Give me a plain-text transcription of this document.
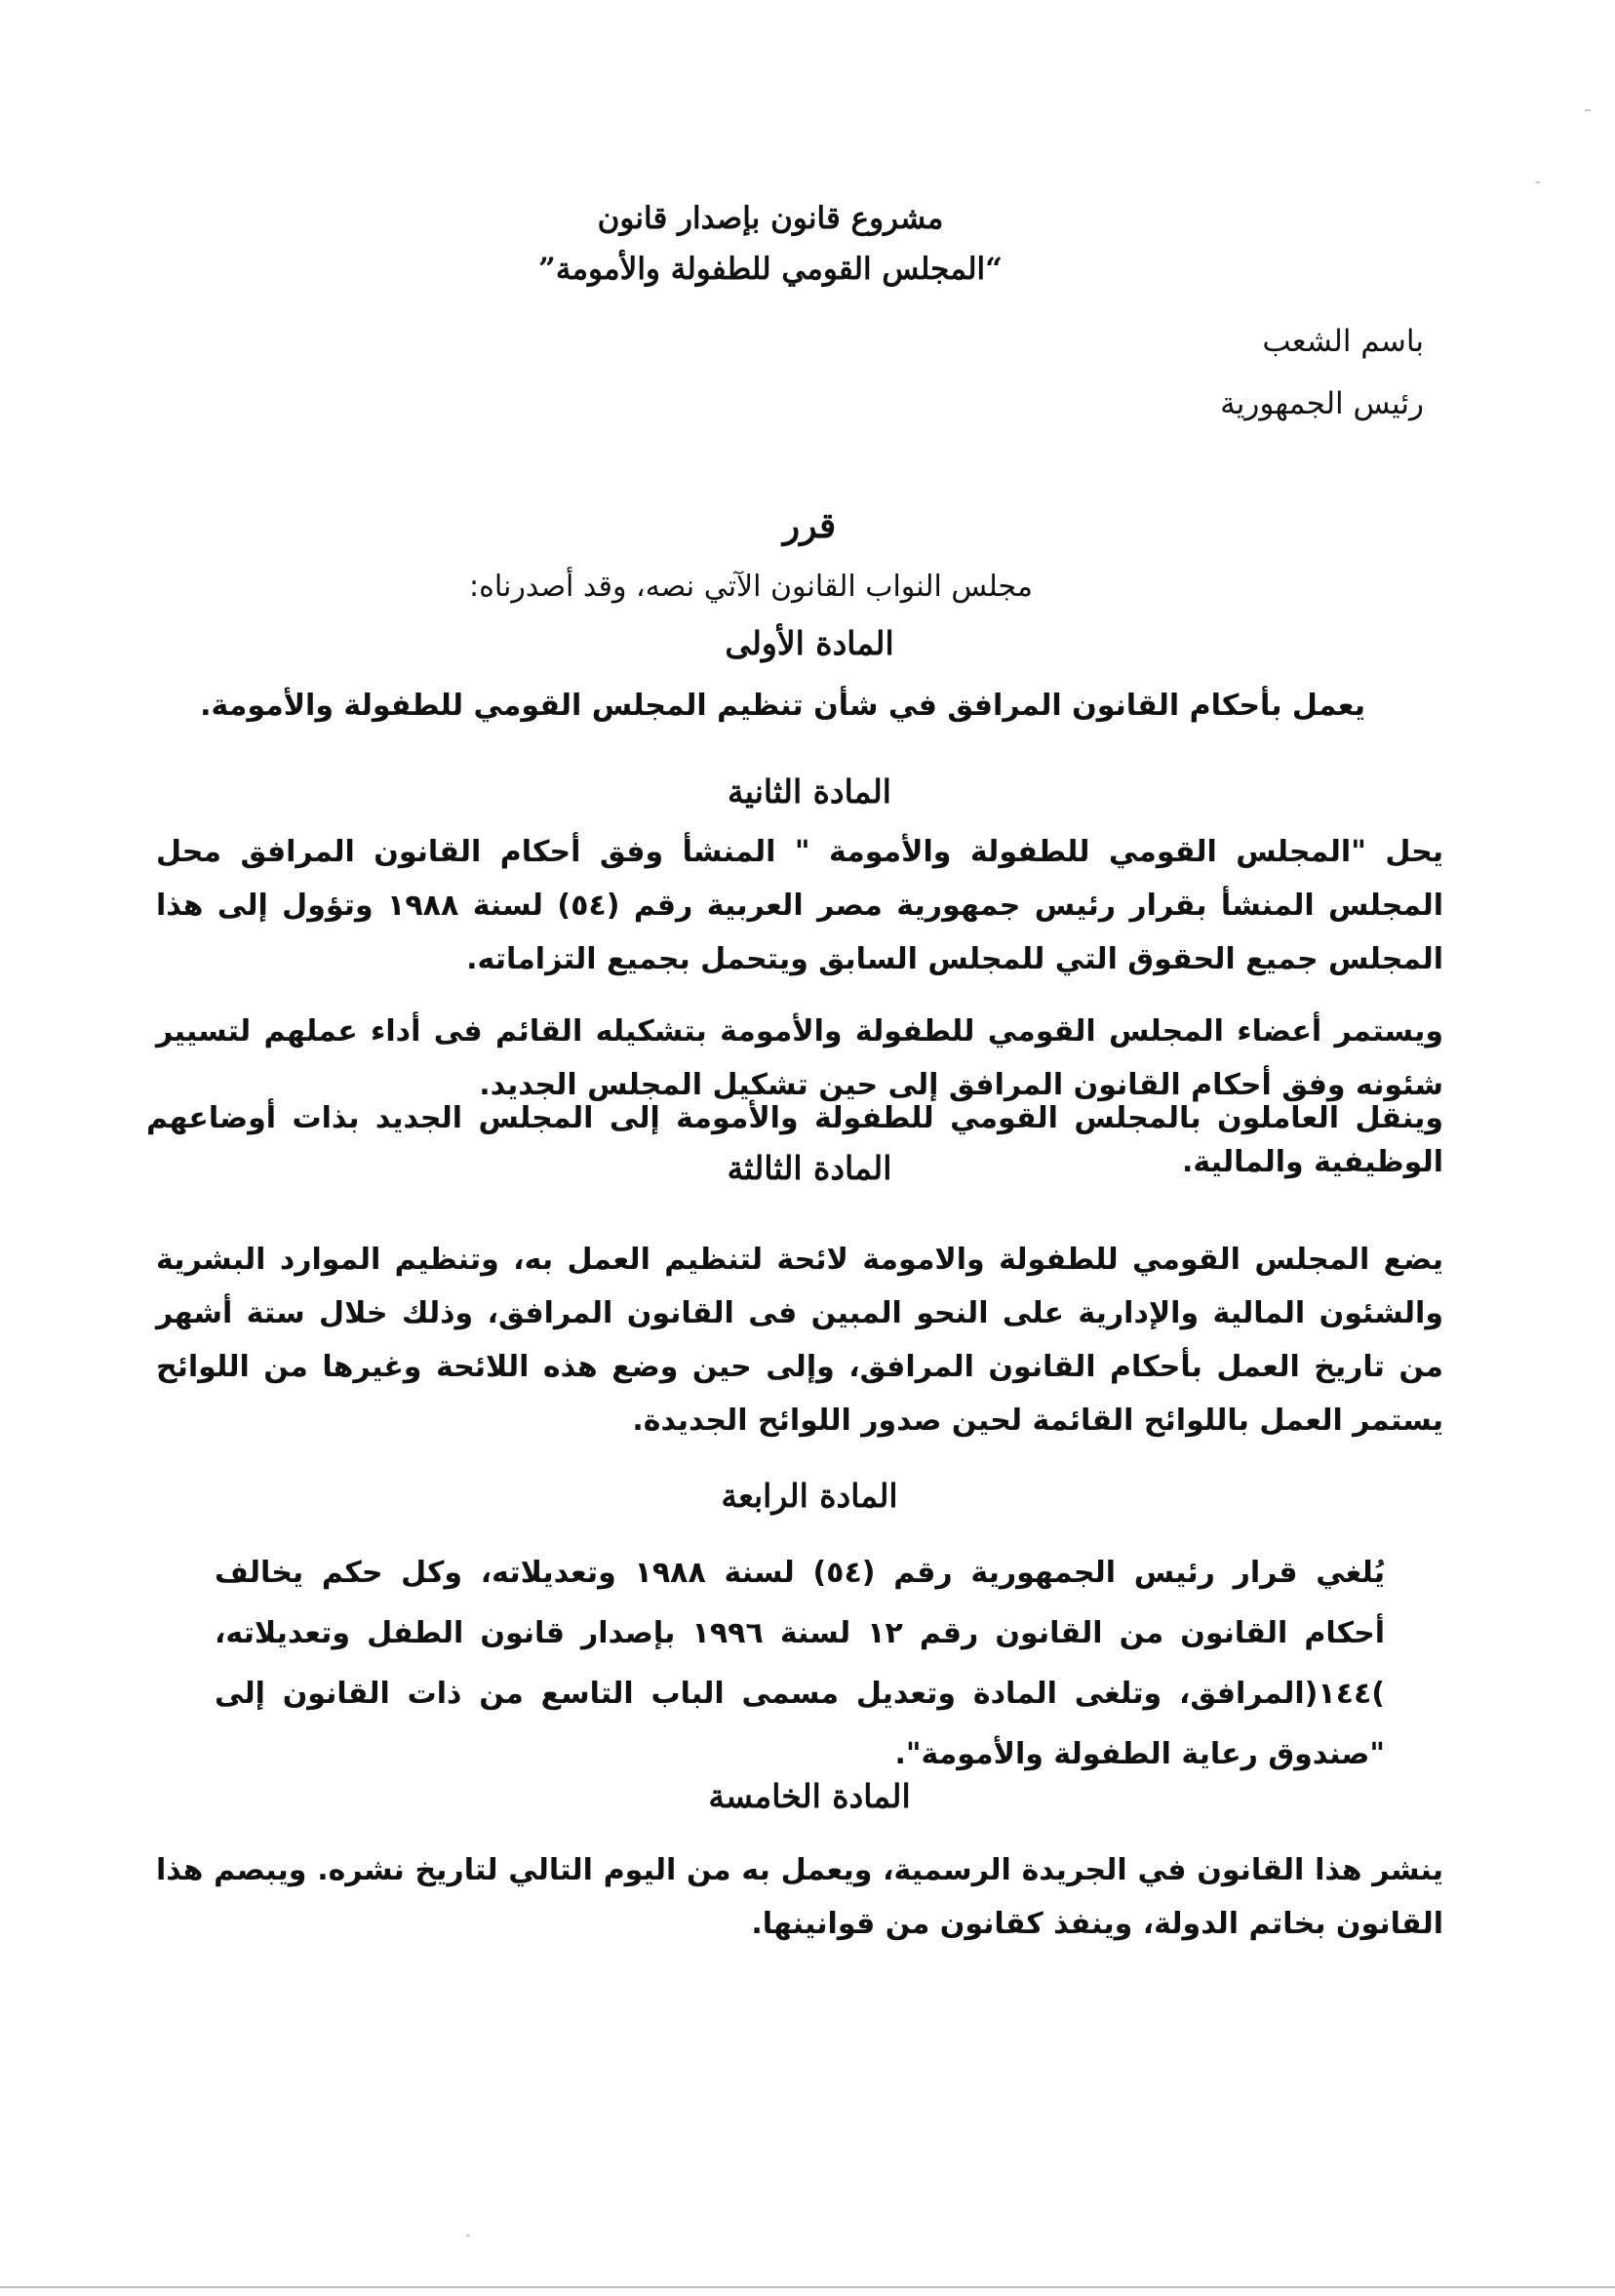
مشروع قانون بإصدار قانون
“المجلس القومي للطفولة والأمومة”
باسم الشعب
رئيس الجمهورية
قرر
مجلس النواب القانون الآتي نصه، وقد أصدرناه:
المادة الأولى
يعمل بأحكام القانون المرافق في شأن تنظيم المجلس القومي للطفولة والأمومة.
المادة الثانية
يحل "المجلس القومي للطفولة والأمومة " المنشأ وفق أحكام القانون المرافق محل المجلس المنشأ بقرار رئيس جمهورية مصر العربية رقم (٥٤) لسنة ١٩٨٨ وتؤول إلى هذا المجلس جميع الحقوق التي للمجلس السابق ويتحمل بجميع التزاماته.
ويستمر أعضاء المجلس القومي للطفولة والأمومة بتشكيله القائم فى أداء عملهم لتسيير شئونه وفق أحكام القانون المرافق إلى حين تشكيل المجلس الجديد.
وينقل العاملون بالمجلس القومي للطفولة والأمومة إلى المجلس الجديد بذات أوضاعهم الوظيفية والمالية.
المادة الثالثة
يضع المجلس القومي للطفولة والامومة لائحة لتنظيم العمل به، وتنظيم الموارد البشرية والشئون المالية والإدارية على النحو المبين فى القانون المرافق، وذلك خلال ستة أشهر من تاريخ العمل بأحكام القانون المرافق، وإلى حين وضع هذه اللائحة وغيرها من اللوائح يستمر العمل باللوائح القائمة لحين صدور اللوائح الجديدة.
المادة الرابعة
يُلغي قرار رئيس الجمهورية رقم (٥٤) لسنة ١٩٨٨ وتعديلاته، وكل حكم يخالف أحكام القانون من القانون رقم ١٢ لسنة ١٩٩٦ بإصدار قانون الطفل وتعديلاته، )١٤٤(المرافق، وتلغى المادة وتعديل مسمى الباب التاسع من ذات القانون إلى "صندوق رعاية الطفولة والأمومة".
المادة الخامسة
ينشر هذا القانون في الجريدة الرسمية، ويعمل به من اليوم التالي لتاريخ نشره. ويبصم هذا القانون بخاتم الدولة، وينفذ كقانون من قوانينها.
